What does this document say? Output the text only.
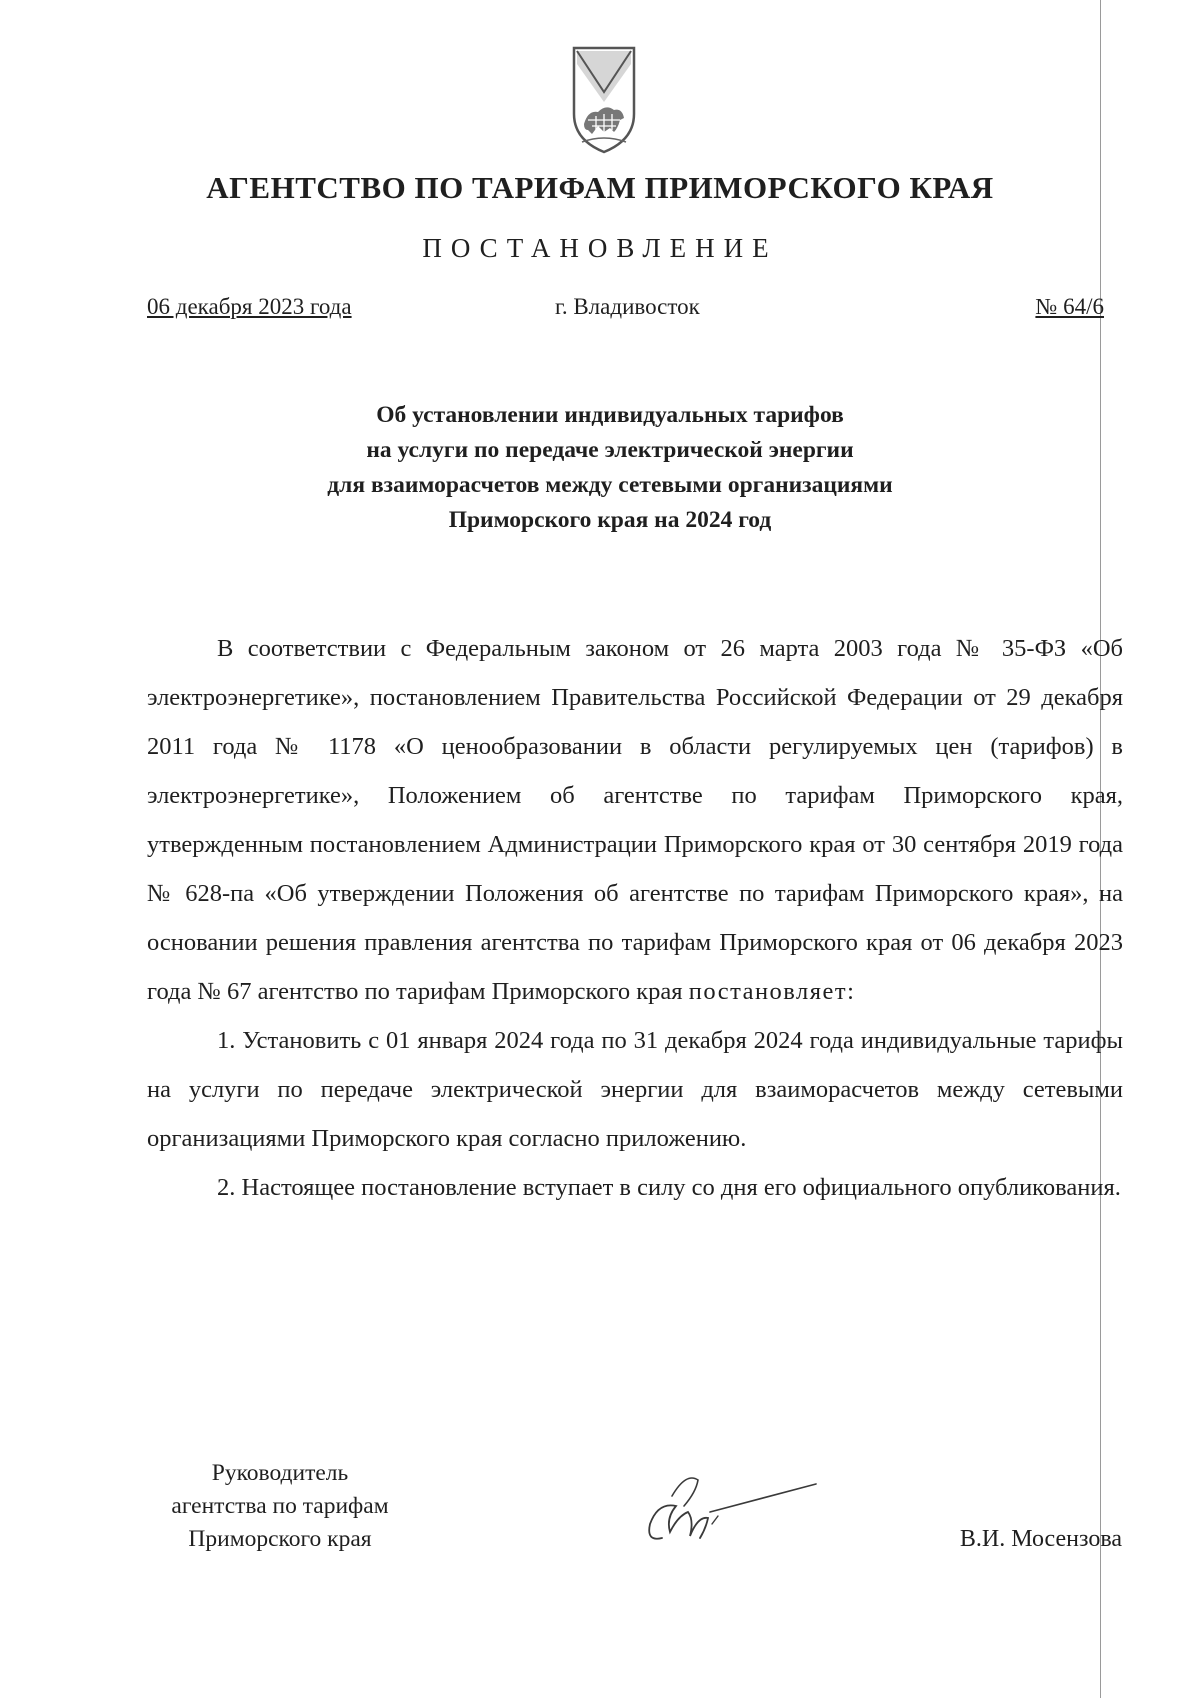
АГЕНТСТВО ПО ТАРИФАМ ПРИМОРСКОГО КРАЯ
ПОСТАНОВЛЕНИЕ
06 декабря 2023 года	г. Владивосток	№ 64/6
Об установлении индивидуальных тарифов
на услуги по передаче электрической энергии
для взаиморасчетов между сетевыми организациями
Приморского края на 2024 год

В соответствии с Федеральным законом от 26 марта 2003 года № 35-ФЗ «Об электроэнергетике», постановлением Правительства Российской Федерации от 29 декабря 2011 года № 1178 «О ценообразовании в области регулируемых цен (тарифов) в электроэнергетике», Положением об агентстве по тарифам Приморского края, утвержденным постановлением Администрации Приморского края от 30 сентября 2019 года № 628-па «Об утверждении Положения об агентстве по тарифам Приморского края», на основании решения правления агентства по тарифам Приморского края от 06 декабря 2023 года № 67 агентство по тарифам Приморского края постановляет:

1. Установить с 01 января 2024 года по 31 декабря 2024 года индивидуальные тарифы на услуги по передаче электрической энергии для взаиморасчетов между сетевыми организациями Приморского края согласно приложению.

2. Настоящее постановление вступает в силу со дня его официального опубликования.

Руководитель
агентства по тарифам
Приморского края	В.И. Мосензова
